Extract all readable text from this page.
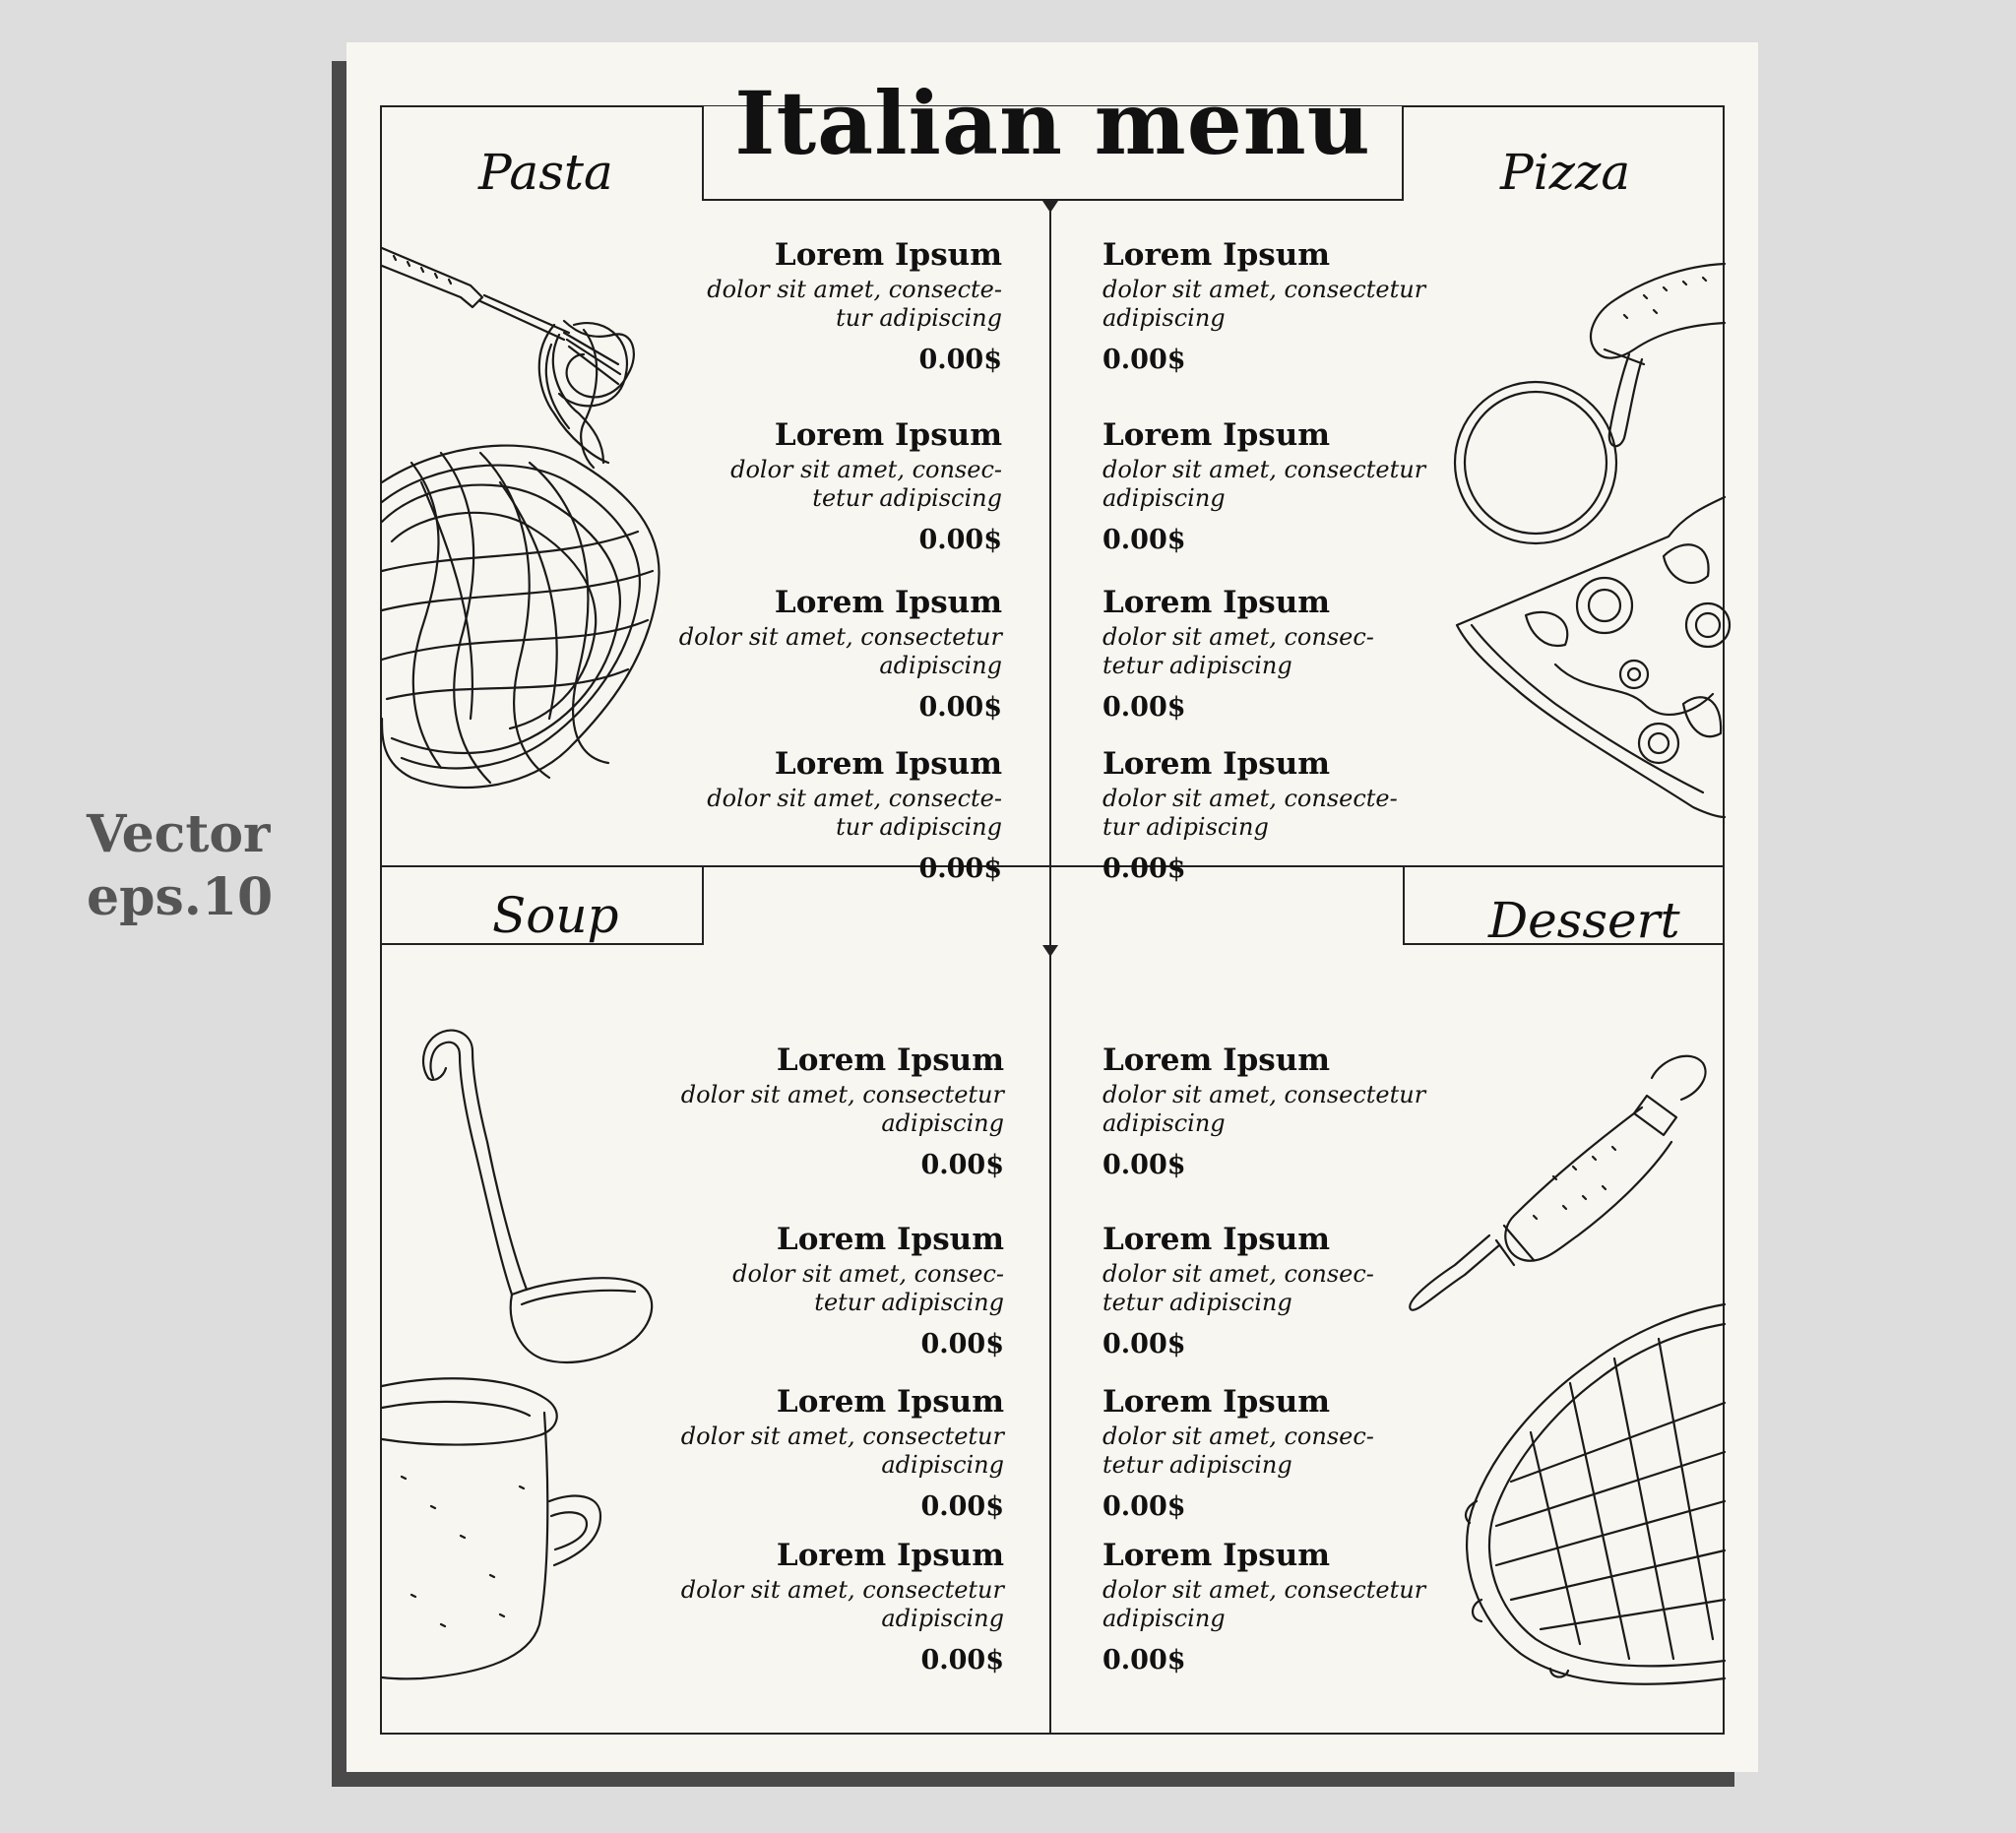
Vector
eps.10
Italian menu
Pasta	Pizza
Soup	Dessert
Lorem Ipsum
dolor sit amet, consecte-
tur adipiscing
0.00$
Lorem Ipsum
dolor sit amet, consec-
tetur adipiscing
0.00$
Lorem Ipsum
dolor sit amet, consectetur
adipiscing
0.00$
Lorem Ipsum
dolor sit amet, consecte-
tur adipiscing
0.00$
Lorem Ipsum
dolor sit amet, consectetur
adipiscing
0.00$
Lorem Ipsum
dolor sit amet, consectetur
adipiscing
0.00$
Lorem Ipsum
dolor sit amet, consec-
tetur adipiscing
0.00$
Lorem Ipsum
dolor sit amet, consecte-
tur adipiscing
0.00$
Lorem Ipsum
dolor sit amet, consectetur
adipiscing
0.00$
Lorem Ipsum
dolor sit amet, consec-
tetur adipiscing
0.00$
Lorem Ipsum
dolor sit amet, consectetur
adipiscing
0.00$
Lorem Ipsum
dolor sit amet, consectetur
adipiscing
0.00$
Lorem Ipsum
dolor sit amet, consectetur
adipiscing
0.00$
Lorem Ipsum
dolor sit amet, consec-
tetur adipiscing
0.00$
Lorem Ipsum
dolor sit amet, consec-
tetur adipiscing
0.00$
Lorem Ipsum
dolor sit amet, consectetur
adipiscing
0.00$
